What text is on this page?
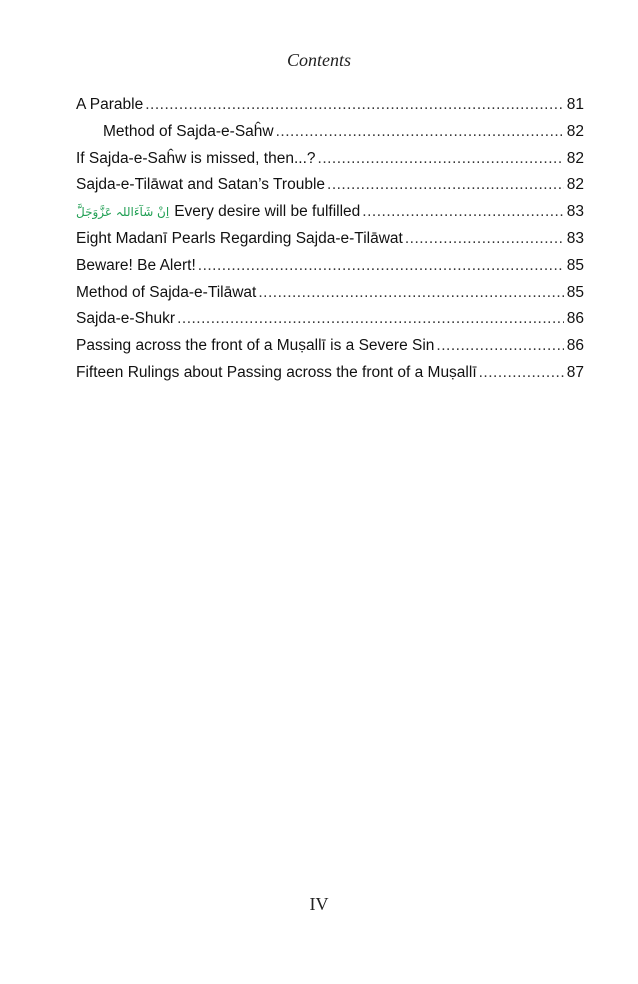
Contents
A Parable .....	81
Method of Sajda-e-Saĥw .....	82
If Sajda-e-Saĥw is missed, then...? .....	82
Sajda-e-Tilāwat and Satan’s Trouble .....	82
اِنْ شَآءَاللہ عَزَّوَجَلَّ Every desire will be fulfilled .....	83
Eight Madanī Pearls Regarding Sajda-e-Tilāwat .....	83
Beware! Be Alert! .....	85
Method of Sajda-e-Tilāwat .....	85
Sajda-e-Shukr .....	86
Passing across the front of a Muṣallī is a Severe Sin .....	86
Fifteen Rulings about Passing across the front of a Muṣallī .....	87
IV
